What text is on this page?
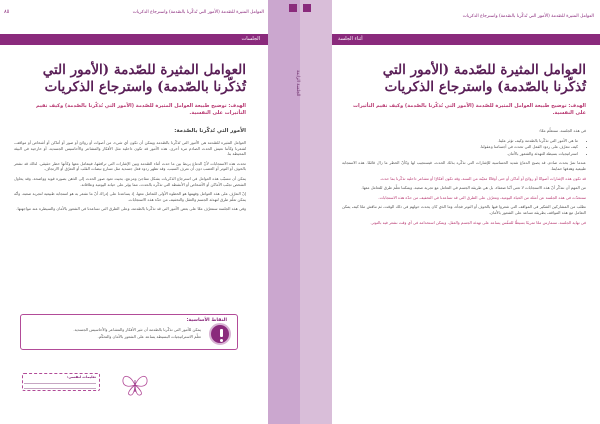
٨٥	العوامل المثيرة للصّدمة (الأمور التي تُذكّرنا بالصّدمة) واسترجاع الذكريات
الجلسات
العوامل المثيرة للصّدمة (الأمور التي تُذكّرنا بالصّدمة) واسترجاع الذكريات

الهدف: توضيح طبيعة العوامل المثيرة للصّدمة (الأمور التي تُذكّرنا بالصّدمة) وكيف تقيم التأثيرات على النفسية.

الأمور التي تُذكّرنا بالصّدمة:

العوامل المثيرة للصّدمة هي الأمور التي تُذكّرنا بالصّدمة ويمكن أن تكون أي شيء، من أصوات أو روائح أو صور أو أماكن أو أشخاص أو مواقف، تُشعرنا وكأننا نعيش الحدث الصادم مرة أخرى. هذه الأمور قد تكون داخلية مثل الأفكار والمشاعر والأحاسيس الجسدية، أو خارجية في البيئة المحيطة بنا.

تحدث هذه الاستجابات لأنّ الدماغ يربط بين ما حدث أثناء الصّدمة وبين الإشارات التي ترافقها، فيتعامل معها وكأنها خطر حقيقي. لذلك قد نشعر بالخوف أو التوتر أو الغضب دون أن نعرف السبب، وقد تظهر ردود فعل جسدية مثل تسارع نبضات القلب أو التعرّق أو الارتجاف.

يمكن أن تتسبّب هذه العوامل في استرجاع الذكريات بشكل مفاجئ ومزعج، بحيث تعود صور الحدث إلى الذهن بصورة قوية وواضحة. وقد يحاول الشخص تجنّب الأماكن أو الأشخاص أو الأنشطة التي تذكّره بالحدث، مما يؤثر على حياته اليومية وعلاقاته.

إنّ التعرّف على هذه العوامل وفهمها هو الخطوة الأولى للتعامل معها، إذ يساعدنا على إدراك أنّ ما نشعر به هو استجابة طبيعية لتجربة صعبة، وأنّه يمكن تعلّم طرق لتهدئة الجسم والعقل والتخفيف من حدّة هذه الاستجابات.

وفي هذه الجلسة سنتعرّف معًا على بعض الأمور التي قد تذكّرنا بالصّدمة، وعلى الطرق التي تساعدنا في الشعور بالأمان والسيطرة عند مواجهتها.

النقاط الأساسية:
يمكن للأمور التي تذكّرنا بالصّدمة أن تثير الأفكار والمشاعر والأحاسيس الجسدية.
تعلّم الاستراتيجيات البسيطة يساعد على الشعور بالأمان والتحكّم.
تعليمات لنفسي:
الجلسة الرابعة
العوامل المثيرة للصّدمة (الأمور التي تُذكّرنا بالصّدمة) واسترجاع الذكريات
أثناء الجلسة
العوامل المثيرة للصّدمة (الأمور التي تُذكّرنا بالصّدمة) واسترجاع الذكريات

الهدف: توضيح طبيعة العوامل المثيرة للصّدمة (الأمور التي تُذكّرنا بالصّدمة) وكيف تقيم التأثيرات على النفسية.

في هذه الجلسة، سنتعلّم معًا:

• ما هي الأمور التي تذكّرنا بالصّدمة وكيف تؤثر علينا.
• كيف نتعرّف على ردود الفعل التي تحدث في أجسامنا وعقولنا.
• استراتيجيات بسيطة للتهدئة والشعور بالأمان.

عندما نمرّ بحدث صادم، قد يصبح الدماغ شديد الحساسية للإشارات التي تذكّره بذلك الحدث، فيستجيب لها وكأنّ الخطر ما زال قائمًا. هذه الاستجابة طبيعية وهدفها حمايتنا.

قد تكون هذه الإشارات أصواتًا أو روائح أو أماكن أو حتى أوقاتًا معيّنة من السنة، وقد تكون أفكارًا أو مشاعر داخلية تذكّرنا بما حدث.

من المهم أن نتذكّر أنّ هذه الاستجابات لا تعني أنّنا ضعفاء، بل هي طريقة الجسم في التعامل مع تجربة صعبة، ويمكننا تعلّم طرق للتعامل معها.

سنتحدّث في هذه الجلسة عن أمثلة من الحياة اليومية، ونتعرّف على الطرق التي قد تساعدنا في التخفيف من حدّة هذه الاستجابات.

نطلب من المشاركين التفكير في المواقف التي شعروا فيها بالخوف أو التوتر فجأة، وما الذي كان يحدث حولهم في ذلك الوقت، ثم نناقش معًا كيف يمكن التعامل مع هذه المواقف بطريقة تساعد على الشعور بالأمان.

في نهاية الجلسة، سنمارس معًا تمرينًا بسيطًا للتنفّس يساعد على تهدئة الجسم والعقل، ويمكن استخدامه في أي وقت نشعر فيه بالتوتر.
